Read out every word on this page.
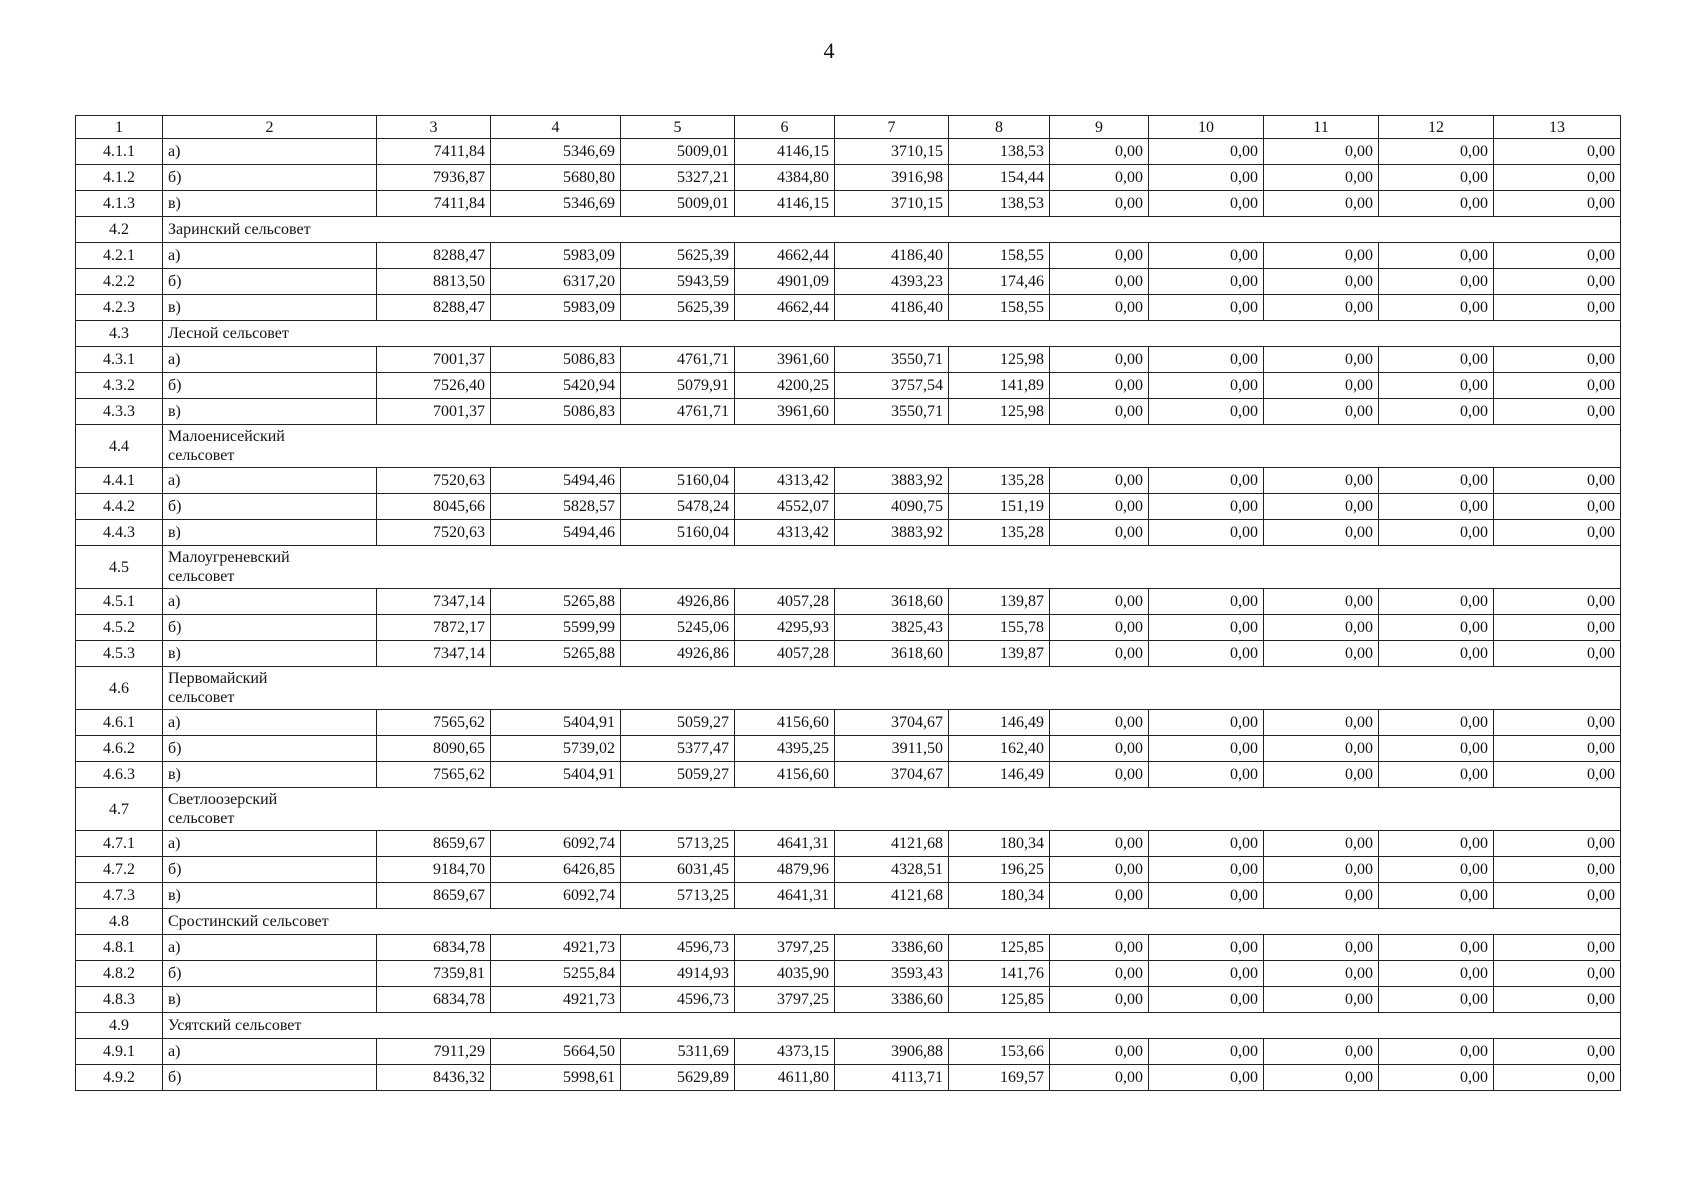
4
1	2	3	4	5	6	7	8	9	10	11	12	13
4.1.1	а)	7411,84	5346,69	5009,01	4146,15	3710,15	138,53	0,00	0,00	0,00	0,00	0,00
4.1.2	б)	7936,87	5680,80	5327,21	4384,80	3916,98	154,44	0,00	0,00	0,00	0,00	0,00
4.1.3	в)	7411,84	5346,69	5009,01	4146,15	3710,15	138,53	0,00	0,00	0,00	0,00	0,00
4.2	Заринский сельсовет											
4.2.1	а)	8288,47	5983,09	5625,39	4662,44	4186,40	158,55	0,00	0,00	0,00	0,00	0,00
4.2.2	б)	8813,50	6317,20	5943,59	4901,09	4393,23	174,46	0,00	0,00	0,00	0,00	0,00
4.2.3	в)	8288,47	5983,09	5625,39	4662,44	4186,40	158,55	0,00	0,00	0,00	0,00	0,00
4.3	Лесной сельсовет											
4.3.1	а)	7001,37	5086,83	4761,71	3961,60	3550,71	125,98	0,00	0,00	0,00	0,00	0,00
4.3.2	б)	7526,40	5420,94	5079,91	4200,25	3757,54	141,89	0,00	0,00	0,00	0,00	0,00
4.3.3	в)	7001,37	5086,83	4761,71	3961,60	3550,71	125,98	0,00	0,00	0,00	0,00	0,00
4.4	Малоенисейский сельсовет											

4.4.1	а)	7520,63	5494,46	5160,04	4313,42	3883,92	135,28	0,00	0,00	0,00	0,00	0,00
4.4.2	б)	8045,66	5828,57	5478,24	4552,07	4090,75	151,19	0,00	0,00	0,00	0,00	0,00
4.4.3	в)	7520,63	5494,46	5160,04	4313,42	3883,92	135,28	0,00	0,00	0,00	0,00	0,00
4.5	Малоугреневский сельсовет											

4.5.1	а)	7347,14	5265,88	4926,86	4057,28	3618,60	139,87	0,00	0,00	0,00	0,00	0,00
4.5.2	б)	7872,17	5599,99	5245,06	4295,93	3825,43	155,78	0,00	0,00	0,00	0,00	0,00
4.5.3	в)	7347,14	5265,88	4926,86	4057,28	3618,60	139,87	0,00	0,00	0,00	0,00	0,00
4.6	Первомайский сельсовет											

4.6.1	а)	7565,62	5404,91	5059,27	4156,60	3704,67	146,49	0,00	0,00	0,00	0,00	0,00
4.6.2	б)	8090,65	5739,02	5377,47	4395,25	3911,50	162,40	0,00	0,00	0,00	0,00	0,00
4.6.3	в)	7565,62	5404,91	5059,27	4156,60	3704,67	146,49	0,00	0,00	0,00	0,00	0,00
4.7	Светлоозерский сельсовет											

4.7.1	а)	8659,67	6092,74	5713,25	4641,31	4121,68	180,34	0,00	0,00	0,00	0,00	0,00
4.7.2	б)	9184,70	6426,85	6031,45	4879,96	4328,51	196,25	0,00	0,00	0,00	0,00	0,00
4.7.3	в)	8659,67	6092,74	5713,25	4641,31	4121,68	180,34	0,00	0,00	0,00	0,00	0,00
4.8	Сростинский сельсовет											
4.8.1	а)	6834,78	4921,73	4596,73	3797,25	3386,60	125,85	0,00	0,00	0,00	0,00	0,00
4.8.2	б)	7359,81	5255,84	4914,93	4035,90	3593,43	141,76	0,00	0,00	0,00	0,00	0,00
4.8.3	в)	6834,78	4921,73	4596,73	3797,25	3386,60	125,85	0,00	0,00	0,00	0,00	0,00
4.9	Усятский сельсовет											
4.9.1	а)	7911,29	5664,50	5311,69	4373,15	3906,88	153,66	0,00	0,00	0,00	0,00	0,00
4.9.2	б)	8436,32	5998,61	5629,89	4611,80	4113,71	169,57	0,00	0,00	0,00	0,00	0,00
